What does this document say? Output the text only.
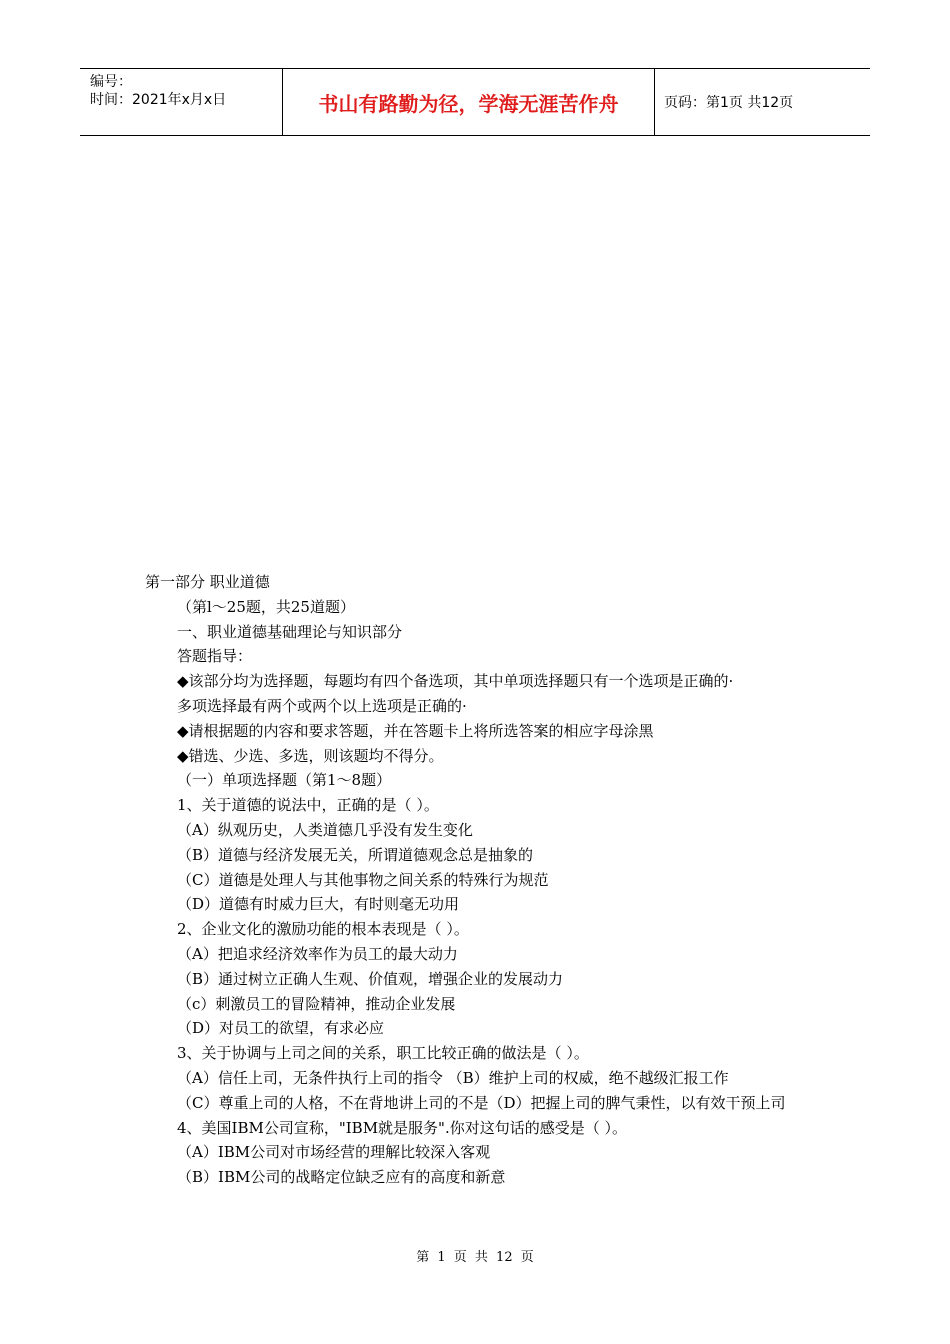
编号：
时间：2021年x月x日	书山有路勤为径，学海无涯苦作舟	页码：第1页 共12页

第一部分 职业道德

（第l～25题，共25道题）

一、职业道德基础理论与知识部分

答题指导：

◆该部分均为选择题，每题均有四个备选项，其中单项选择题只有一个选项是正确的·

多项选择最有两个或两个以上选项是正确的·

◆请根据题的内容和要求答题，并在答题卡上将所选答案的相应字母涂黑

◆错选、少选、多选，则该题均不得分。

（一）单项选择题（第1～8题）

1、关于道德的说法中，正确的是（ ）。

（A）纵观历史，人类道德几乎没有发生变化

（B）道德与经济发展无关，所谓道德观念总是抽象的

（C）道德是处理人与其他事物之间关系的特殊行为规范

（D）道德有时威力巨大，有时则毫无功用

2、企业文化的激励功能的根本表现是（ ）。

（A）把追求经济效率作为员工的最大动力

（B）通过树立正确人生观、价值观，增强企业的发展动力

（c）刺激员工的冒险精神，推动企业发展

（D）对员工的欲望，有求必应

3、关于协调与上司之间的关系，职工比较正确的做法是（ ）。

（A）信任上司，无条件执行上司的指令 （B）维护上司的权威，绝不越级汇报工作

（C）尊重上司的人格，不在背地讲上司的不是（D）把握上司的脾气秉性，以有效干预上司

4、美国IBM公司宣称，"IBM就是服务".你对这句话的感受是（ ）。

（A）IBM公司对市场经营的理解比较深入客观

（B）IBM公司的战略定位缺乏应有的高度和新意

第 1 页 共 12 页
